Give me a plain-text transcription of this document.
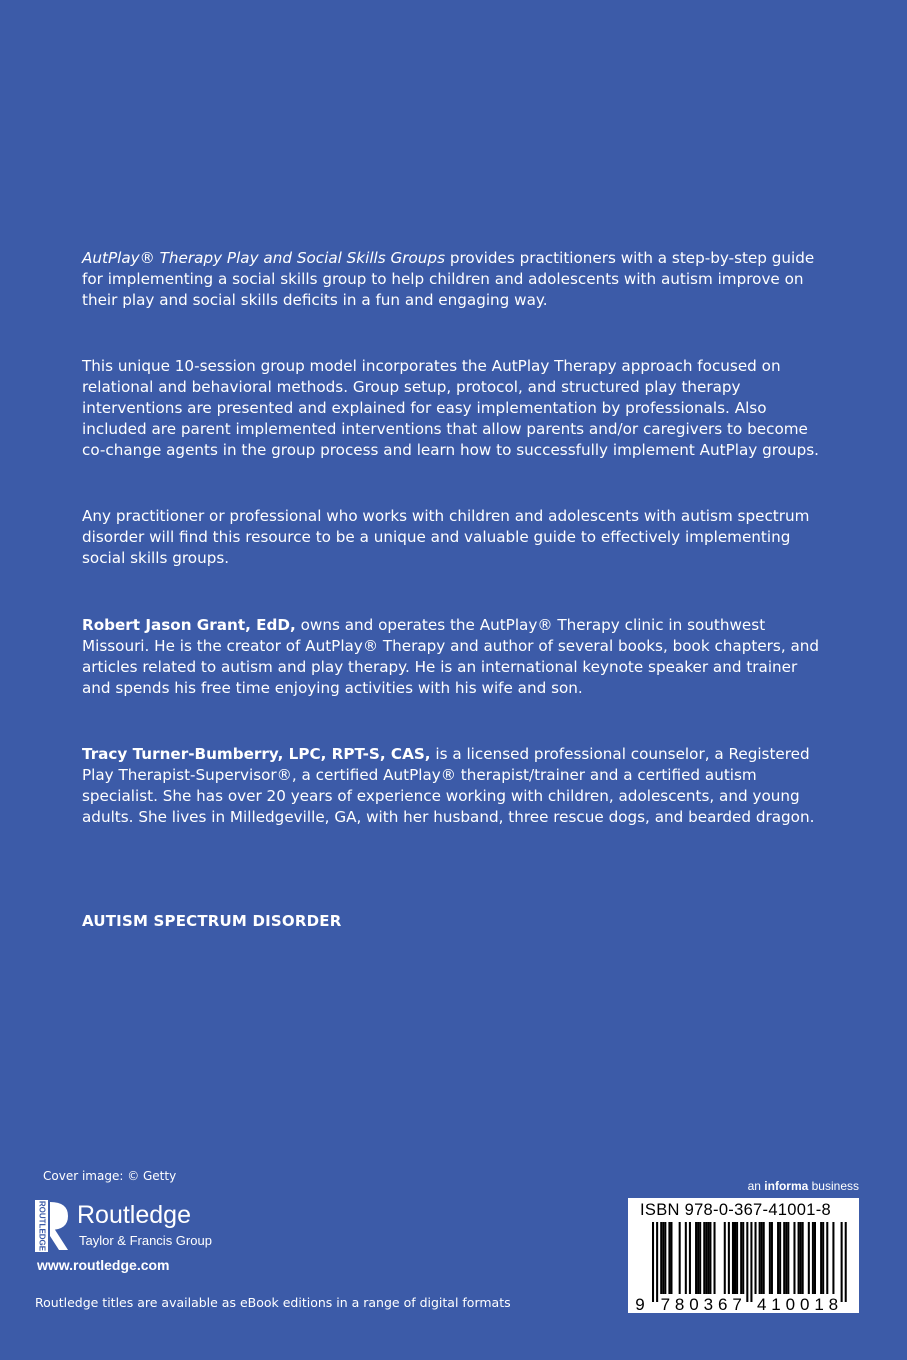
AutPlay® Therapy Play and Social Skills Groups provides practitioners with a step-by-step guide for implementing a social skills group to help children and adolescents with autism improve on their play and social skills deficits in a fun and engaging way.

This unique 10-session group model incorporates the AutPlay Therapy approach focused on relational and behavioral methods. Group setup, protocol, and structured play therapy interventions are presented and explained for easy implementation by professionals. Also included are parent implemented interventions that allow parents and/or caregivers to become co-change agents in the group process and learn how to successfully implement AutPlay groups.

Any practitioner or professional who works with children and adolescents with autism spectrum disorder will find this resource to be a unique and valuable guide to effectively implementing social skills groups.

Robert Jason Grant, EdD, owns and operates the AutPlay® Therapy clinic in southwest Missouri. He is the creator of AutPlay® Therapy and author of several books, book chapters, and articles related to autism and play therapy. He is an international keynote speaker and trainer and spends his free time enjoying activities with his wife and son.

Tracy Turner-Bumberry, LPC, RPT-S, CAS, is a licensed professional counselor, a Registered Play Therapist-Supervisor®, a certified AutPlay® therapist/trainer and a certified autism specialist. She has over 20 years of experience working with children, adolescents, and young adults. She lives in Milledgeville, GA, with her husband, three rescue dogs, and bearded dragon.

AUTISM SPECTRUM DISORDER
Cover image: © Getty
ROUTLEDGE Routledge
Taylor & Francis Group
www.routledge.com
Routledge titles are available as eBook editions in a range of digital formats
an informa business
9 7 8 0 3 6 7 4 1 0 0 1 8
ISBN 978-0-367-41001-8
